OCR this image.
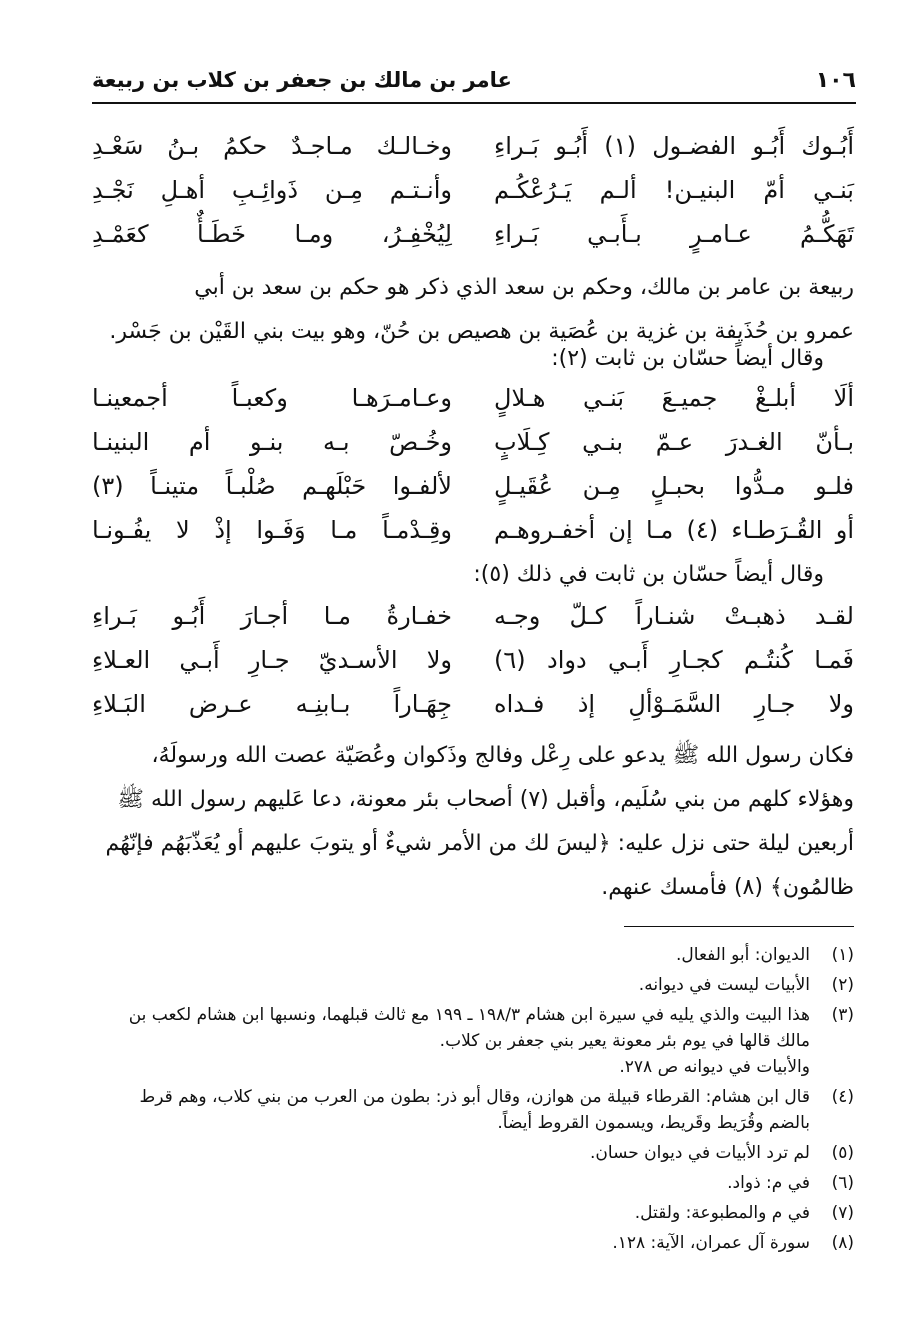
١٠٦
عامر بن مالك بن جعفر بن كلاب بن ربيعة
أَبُـوك أَبُـو الفضـول (١) أَبُـو بَـراءِ
وخـالـك مـاجـدٌ حكمُ بـنُ سَعْـدِ
بَنـي أمّ البنيـن! ألـم يَـرُعْكُـم
وأنـتـم مِـن ذَوائِـبِ أهـلِ نَجْـدِ
تَهَكُّـمُ عـامـرٍ بـأَبـي بَـراءِ
لِيُخْفِـرُ، ومـا خَطَـأٌ كعَمْـدِ
ربيعة بن عامر بن مالك، وحكم بن سعد الذي ذكر هو حكم بن سعد بن أبي
عمرو بن حُذَيفة بن غزية بن عُصَية بن هصيص بن حُنّ، وهو بيت بني القَيْن بن جَسْر.
وقال أيضاً حسّان بن ثابت (٢):
ألَا أبلـغْ جميـعَ بَنـي هـلالٍ
وعـامـرَهـا وكعبـاً أجمعينـا
بـأنّ الغـدرَ عـمّ بنـي كِـلَابٍ
وخُـصّ بـه بنـو أم البنينـا
فلـو مـدُّوا بحبـلٍ مِـن عُقَيـلٍ
لألفـوا حَبْلَهـم صُلْبـاً متينـاً (٣)
أو القُـرَطـاء (٤) مـا إن أخفـروهـم
وقِـدْمـاً مـا وَفَـوا إذْ لا يفُـونـا
وقال أيضاً حسّان بن ثابت في ذلك (٥):
لقـد ذهبـتْ شنـاراً كـلّ وجـه
خفـارةُ مـا أجـارَ أَبُـو بَـراءِ
فَمـا كُنتُـم كجـارِ أَبـي دواد (٦)
ولا الأسـديّ جـارِ أَبـي العـلاءِ
ولا جـارِ السَّمَـوْألِ إذ فـداه
جِهَـاراً بـابنِـه عـرض البَـلاءِ
فكان رسول الله ﷺ يدعو على رِعْل وفالج وذَكوان وعُصَيّة عصت الله ورسولَهُ،
وهؤلاء كلهم من بني سُلَيم، وأقبل (٧) أصحاب بئر معونة، دعا عَليهم رسول الله ﷺ
أربعين ليلة حتى نزل عليه: ﴿ليسَ لك من الأمر شيءٌ أو يتوبَ عليهم أو يُعَذّبَهُم فإنّهُم
ظالمُون﴾ (٨) فأمسك عنهم.
(١)
الديوان: أبو الفعال.
(٢)
الأبيات ليست في ديوانه.
(٣)
هذا البيت والذي يليه في سيرة ابن هشام ١٩٨/٣ ـ ١٩٩ مع ثالث قبلهما، ونسبها ابن هشام لكعب بن
مالك قالها في يوم بئر معونة يعير بني جعفر بن كلاب.
والأبيات في ديوانه ص ٢٧٨.
(٤)
قال ابن هشام: القرطاء قبيلة من هوازن، وقال أبو ذر: بطون من العرب من بني كلاب، وهم قرط
بالضم وقُرَيط وقَريط، ويسمون القروط أيضاً.
(٥)
لم ترد الأبيات في ديوان حسان.
(٦)
في م: ذواد.
(٧)
في م والمطبوعة: ولقتل.
(٨)
سورة آل عمران، الآية: ١٢٨.
